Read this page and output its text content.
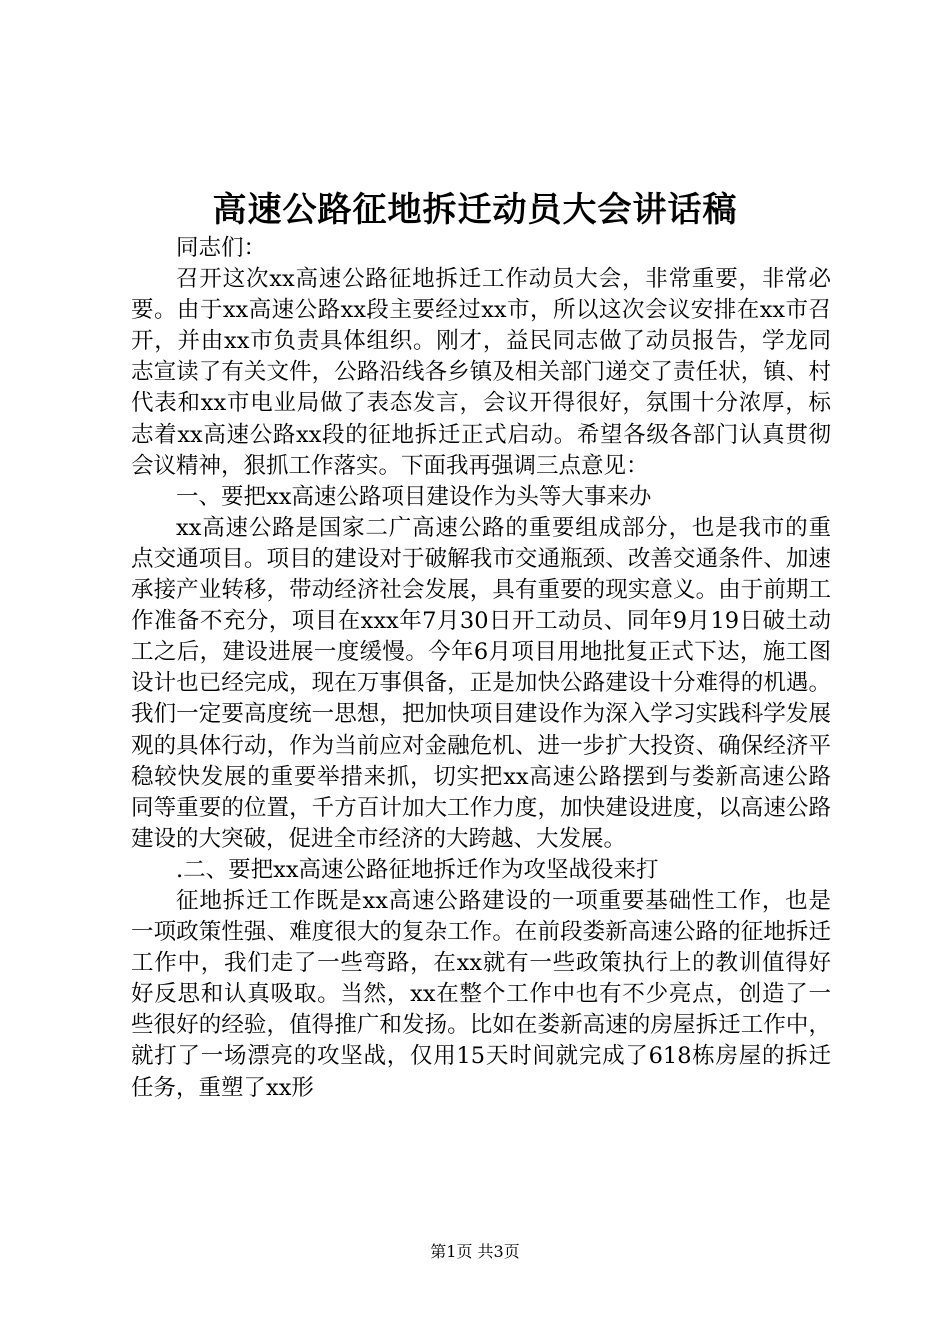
高速公路征地拆迁动员大会讲话稿

同志们：

召开这次xx高速公路征地拆迁工作动员大会，非常重要，非常必要。由于xx高速公路xx段主要经过xx市，所以这次会议安排在xx市召开，并由xx市负责具体组织。刚才，益民同志做了动员报告，学龙同志宣读了有关文件，公路沿线各乡镇及相关部门递交了责任状，镇、村代表和xx市电业局做了表态发言，会议开得很好，氛围十分浓厚，标志着xx高速公路xx段的征地拆迁正式启动。希望各级各部门认真贯彻会议精神，狠抓工作落实。下面我再强调三点意见：

一、要把xx高速公路项目建设作为头等大事来办

xx高速公路是国家二广高速公路的重要组成部分，也是我市的重点交通项目。项目的建设对于破解我市交通瓶颈、改善交通条件、加速承接产业转移，带动经济社会发展，具有重要的现实意义。由于前期工作准备不充分，项目在xxx年7月30日开工动员、同年9月19日破土动工之后，建设进展一度缓慢。今年6月项目用地批复正式下达，施工图设计也已经完成，现在万事俱备，正是加快公路建设十分难得的机遇。我们一定要高度统一思想，把加快项目建设作为深入学习实践科学发展观的具体行动，作为当前应对金融危机、进一步扩大投资、确保经济平稳较快发展的重要举措来抓，切实把xx高速公路摆到与娄新高速公路同等重要的位置，千方百计加大工作力度，加快建设进度，以高速公路建设的大突破，促进全市经济的大跨越、大发展。

.二、要把xx高速公路征地拆迁作为攻坚战役来打

征地拆迁工作既是xx高速公路建设的一项重要基础性工作，也是一项政策性强、难度很大的复杂工作。在前段娄新高速公路的征地拆迁工作中，我们走了一些弯路，在xx就有一些政策执行上的教训值得好好反思和认真吸取。当然，xx在整个工作中也有不少亮点，创造了一些很好的经验，值得推广和发扬。比如在娄新高速的房屋拆迁工作中，就打了一场漂亮的攻坚战，仅用15天时间就完成了618栋房屋的拆迁任务，重塑了xx形

第1页 共3页
